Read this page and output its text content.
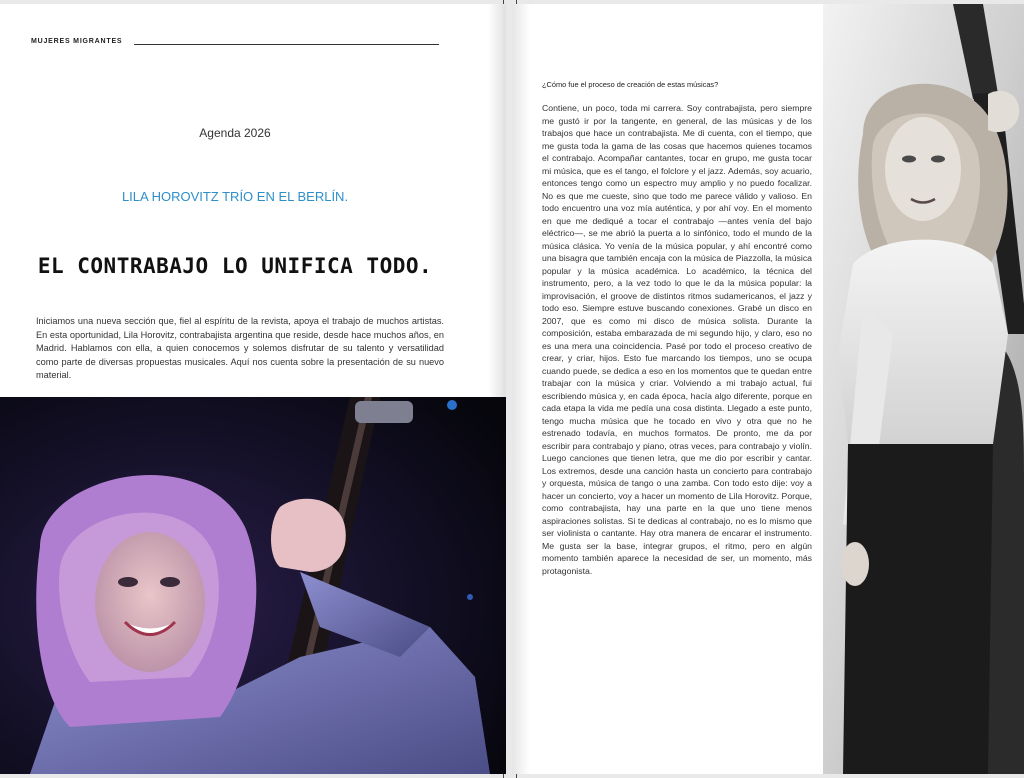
MUJERES MIGRANTES
Agenda 2026
LILA HOROVITZ TRÍO EN EL BERLÍN.
EL CONTRABAJO LO UNIFICA TODO.

Iniciamos una nueva sección que, fiel al espíritu de la revista, apoya el trabajo de muchos artistas. En esta oportunidad, Lila Horovitz, contrabajista argentina que reside, desde hace muchos años, en Madrid. Hablamos con ella, a quien conocemos y solemos disfrutar de su talento y versatilidad como parte de diversas propuestas musicales. Aquí nos cuenta sobre la presentación de su nuevo material.

¿Cómo fue el proceso de creación de estas músicas?

Contiene, un poco, toda mi carrera. Soy contrabajista, pero siempre me gustó ir por la tangente, en general, de las músicas y de los trabajos que hace un contrabajista. Me di cuenta, con el tiempo, que me gusta toda la gama de las cosas que hacemos quienes tocamos el contrabajo. Acompañar cantantes, tocar en grupo, me gusta tocar mi música, que es el tango, el folclore y el jazz. Además, soy acuario, entonces tengo como un espectro muy amplio y no puedo focalizar. No es que me cueste, sino que todo me parece válido y valioso. En todo encuentro una voz mía auténtica, y por ahí voy. En el momento en que me dediqué a tocar el contrabajo —antes venía del bajo eléctrico—, se me abrió la puerta a lo sinfónico, todo el mundo de la música clásica. Yo venía de la música popular, y ahí encontré como una bisagra que también encaja con la música de Piazzolla, la música popular y la música académica. Lo académico, la técnica del instrumento, pero, a la vez todo lo que le da la música popular: la improvisación, el groove de distintos ritmos sudamericanos, el jazz y todo eso. Siempre estuve buscando conexiones. Grabé un disco en 2007, que es como mi disco de música solista. Durante la composición, estaba embarazada de mi segundo hijo, y claro, eso no es una mera una coincidencia. Pasé por todo el proceso creativo de crear, y criar, hijos. Esto fue marcando los tiempos, uno se ocupa cuando puede, se dedica a eso en los momentos que te quedan entre trabajar con la música y criar. Volviendo a mi trabajo actual, fui escribiendo música y, en cada época, hacía algo diferente, porque en cada etapa la vida me pedía una cosa distinta. Llegado a este punto, tengo mucha música que he tocado en vivo y otra que no he estrenado todavía, en muchos formatos. De pronto, me da por escribir para contrabajo y piano, otras veces, para contrabajo y violín. Luego canciones que tienen letra, que me dio por escribir y cantar. Los extremos, desde una canción hasta un concierto para contrabajo y orquesta, música de tango o una zamba. Con todo esto dije: voy a hacer un concierto, voy a hacer un momento de Lila Horovitz. Porque, como contrabajista, hay una parte en la que uno tiene menos aspiraciones solistas. Si te dedicas al contrabajo, no es lo mismo que ser violinista o cantante. Hay otra manera de encarar el instrumento. Me gusta ser la base, integrar grupos, el ritmo, pero en algún momento también aparece la necesidad de ser, un momento, más protagonista.
